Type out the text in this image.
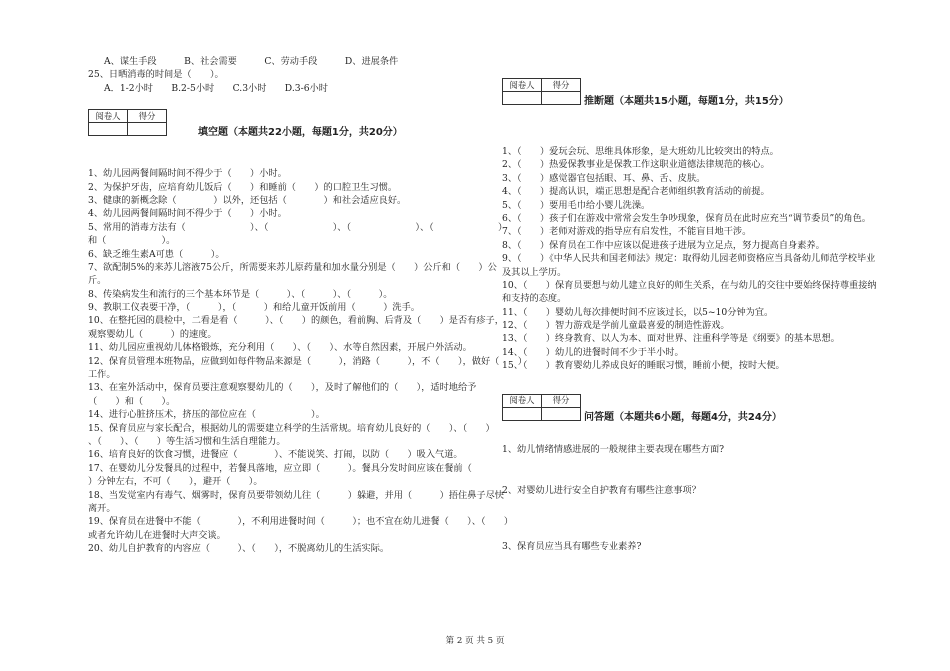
A、谋生手段　　　B、社会需要　　　C、劳动手段　　　D、进展条件
25、日晒消毒的时间是（　　）。
A．1-2小时　　B.2-5小时　　C.3小时　　D.3-6小时
阅卷人	得分

填空题（本题共22小题，每题1分，共20分）
1、幼儿园两餐间隔时间不得少于（　　）小时。
2、为保护牙齿，应培育幼儿饭后（　　）和睡前（　　）的口腔卫生习惯。
3、健康的新概念除（　　　　）以外，还包括（　　　　）和社会适应良好。
4、幼儿园两餐间隔时间不得少于（　　）小时。
5、常用的消毒方法有（　　　　　　　）、（　　　　　　　）、（　　　　　　　）、（　　　　　　　）
和（　　　　　　）。
6、缺乏维生素A可患（　　　）。
7、欲配制5%的来苏儿溶液75公斤，所需要来苏儿原药量和加水量分别是（　　）公斤和（　　）公
斤。
8、传染病发生和流行的三个基本环节是（　　　）、（　　　）、（　　　）。
9、教职工仪表要干净，（　　　），（　　　）和给儿童开饭前用（　　　）洗手。
10、在整托园的晨检中，二看是看（　　　）、（　　）的颜色，看前胸、后背及（　　）是否有疹子，
观察婴幼儿（　　　）的速度。
11、幼儿园应重视幼儿体格锻炼，充分利用（　　）、（　　）、水等自然因素，开展户外活动。
12、保育员管理本班物品，应做到如每件物品来源是（　　　），消路（　　　），不（　　），做好（　　）
工作。
13、在室外活动中，保育员要注意观察婴幼儿的（　　），及时了解他们的（　　），适时地给予
（　　）和（　　）。
14、进行心脏挤压术，挤压的部位应在（　　　　　　）。
15、保育员应与家长配合，根据幼儿的需要建立科学的生活常规。培育幼儿良好的（　　）、（　　）
、（　　）、（　　）等生活习惯和生活自理能力。
16、培育良好的饮食习惯，进餐应（　　　　）、不能说笑、打闹，以防（　　）吸入气道。
17、在婴幼儿分发餐具的过程中，若餐具落地，应立即（　　　）。餐具分发时间应该在餐前（　　　　
）分钟左右，不可（　　），避开（　　）。
18、当发觉室内有毒气、烟雾时，保育员要带领幼儿往（　　　）躲避，并用（　　　）捂住鼻子尽快
离开。
19、保育员在进餐中不能（　　　　），不利用进餐时间（　　　）；也不宜在幼儿进餐（　　）、（　　）
或者允许幼儿在进餐时大声交谈。
20、幼儿自护教育的内容应（　　　）、（　　），不脱离幼儿的生活实际。
阅卷人	得分

推断题（本题共15小题，每题1分，共15分）
1、（　　）爱玩会玩、思维具体形象，是大班幼儿比较突出的特点。
2、（　　）热爱保教事业是保教工作这职业道德法律规范的核心。
3、（　　）感觉器官包括眼、耳、鼻、舌、皮肤。
4、（　　）提高认识，端正思想是配合老师组织教育活动的前提。
5、（　　）要用毛巾给小婴儿洗澡。
6、（　　）孩子们在游戏中常常会发生争吵现象，保育员在此时应充当“调节委员”的角色。
7、（　　）老师对游戏的指导应有启发性，不能盲目地干涉。
8、（　　）保育员在工作中应该以促进孩子进展为立足点，努力提高自身素养。
9、（　　）《中华人民共和国老师法》规定：取得幼儿园老师资格应当具备幼儿师范学校毕业
及其以上学历。
10、（　　）保育员要想与幼儿建立良好的师生关系，在与幼儿的交往中要始终保持尊重接纳
和支持的态度。
11、（　　）婴幼儿每次排便时间不应该过长，以5~10分钟为宜。
12、（　　）智力游戏是学前儿童最喜爱的制造性游戏。
13、（　　）终身教育、以人为本、面对世界、注重科学等是《纲要》的基本思想。
14、（　　）幼儿的进餐时间不少于半小时。
15、（　　）教育婴幼儿养成良好的睡眠习惯，睡前小便，按时大便。
阅卷人	得分

问答题（本题共6小题，每题4分，共24分）
1、幼儿情绪情感进展的一般规律主要表现在哪些方面?
2、对婴幼儿进行安全自护教育有哪些注意事项？
3、保育员应当具有哪些专业素养?
第 2 页 共 5 页
